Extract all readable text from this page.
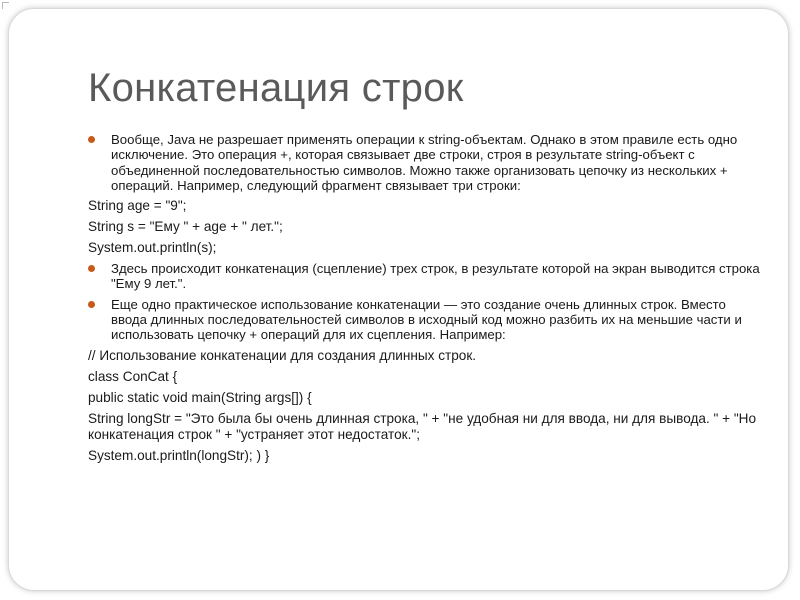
Конкатенация строк
Вообще, Java не разрешает применять операции к string-объектам. Однако в этом правиле есть одно исключение. Это операция +, которая связывает две строки, строя в результате string-объект с объединенной последовательностью символов. Можно также организовать цепочку из нескольких + операций. Например, следующий фрагмент связывает три строки:
String age = "9";
String s = "Ему " + age + " лет.";
System.out.println(s);
Здесь происходит конкатенация (сцепление) трех строк, в результате которой на экран выводится строка "Ему 9 лет.".
Еще одно практическое использование конкатенации — это создание очень длинных строк. Вместо ввода длинных последовательностей символов в исходный код можно разбить их на меньшие части и использовать цепочку + операций для их сцепления. Например:
// Использование конкатенации для создания длинных строк.
class ConCat {
public static void main(String args[]) {
String longStr = "Это была бы очень длинная строка, " + "не удобная ни для ввода, ни для вывода. " + "Но конкатенация строк " + "устраняет этот недостаток.";
System.out.println(longStr); ) }
